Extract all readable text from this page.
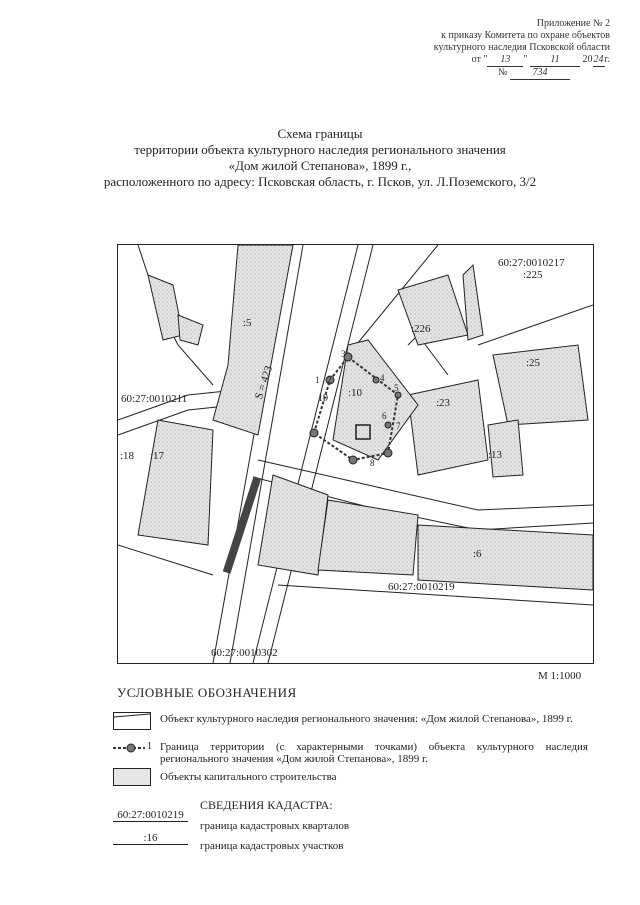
Приложение № 2
к приказу Комитета по охране объектов
культурного наследия Псковской области
от " 13 " 11 2024г.
№	734
Схема границы
территории объекта культурного наследия регионального значения
«Дом жилой Степанова», 1899 г.,
расположенного по адресу: Псковская область, г. Псков, ул. Л.Поземского, 3/2
60:27:0010217
:225
:5	:226
:25
60:27:0010211	S = 423	:10
19	:23
:13
:18 :17
:6
60:27:0010219
60:27:0010302
1 2
3
4
5
6
7
8
М 1:1000
УСЛОВНЫЕ ОБОЗНАЧЕНИЯ
Объект культурного наследия регионального значения: «Дом жилой Степанова», 1899 г.
1 Граница территории (с характерными точками) объекта культурного наследия регионального значения «Дом жилой Степанова», 1899 г.
Объекты капитального строительства
СВЕДЕНИЯ КАДАСТРА:
60:27:0010219
граница кадастровых кварталов
:16
граница кадастровых участков
